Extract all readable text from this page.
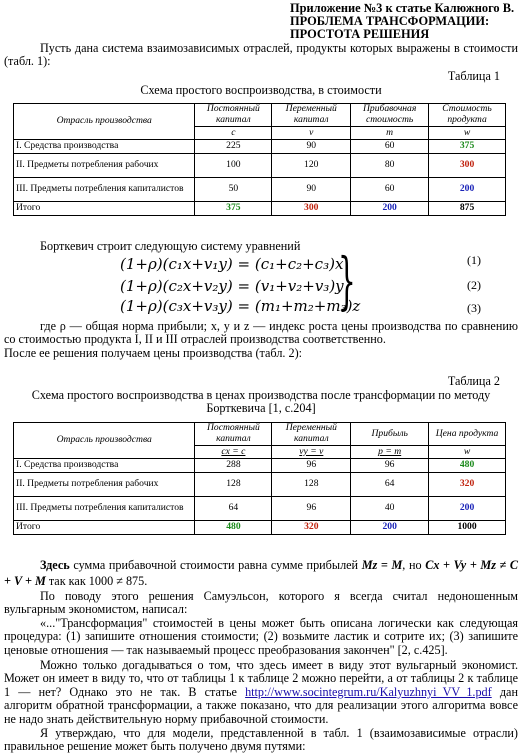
Приложение №3 к статье Калюжного В.
ПРОБЛЕМА ТРАНСФОРМАЦИИ:
ПРОСТОТА РЕШЕНИЯ
Пусть дана система взаимозависимых отраслей, продукты которых выражены в стоимости (табл. 1):
Таблица 1
Схема простого воспроизводства, в стоимости
Отрасль производства	Постоянный капитал	Переменный капитал	Прибавочная стоимость	Стоимость продукта
	c	v	m	w
I. Средства производства	225	90	60	375
II. Предметы потребления рабочих	100	120	80	300
III. Предметы потребления капиталистов	50	90	60	200
Итого	375	300	200	875
Борткевич строит следующую систему уравнений
(1+ρ)(c₁x+v₁y) = (c₁+c₂+c₃)x
(1+ρ)(c₂x+v₂y) = (v₁+v₂+v₃)y
(1+ρ)(c₃x+v₃y) = (m₁+m₂+m₃)z
}	(1)
(2)
(3)
где ρ — общая норма прибыли; x, y и z — индекс роста цены производства по сравнению со стоимостью продукта I, II и III отраслей производства соответственно.
После ее решения получаем цены производства (табл. 2):
Таблица 2
Схема простого воспроизводства в ценах производства после трансформации по методу
Борткевича [1, с.204]
Отрасль производства	Постоянный капитал	Переменный капитал	Прибыль	Цена продукта
	cx = c	vy = v	p = m	w
I. Средства производства	288	96	96	480
II. Предметы потребления рабочих	128	128	64	320
III. Предметы потребления капиталистов	64	96	40	200
Итого	480	320	200	1000
Здесь сумма прибавочной стоимости равна сумме прибылей Mz = M, но Cx + Vy + Mz ≠ C + V + M так как 1000 ≠ 875.
По поводу этого решения Самуэльсон, которого я всегда считал недоношенным вульгарным экономистом, написал:
«..."Трансформация" стоимостей в цены может быть описана логически как следующая процедура: (1) запишите отношения стоимости; (2) возьмите ластик и сотрите их; (3) запишите ценовые отношения — так называемый процесс преобразования закончен" [2, с.425].
Можно только догадываться о том, что здесь имеет в виду этот вульгарный экономист. Может он имеет в виду то, что от таблицы 1 к таблице 2 можно перейти, а от таблицы 2 к таблице 1 — нет? Однако это не так. В статье http://www.socintegrum.ru/Kalyuzhnyi_VV_1.pdf дан алгоритм обратной трансформации, а также показано, что для реализации этого алгоритма вовсе не надо знать действительную норму прибавочной стоимости.
Я утверждаю, что для модели, представленной в табл. 1 (взаимозависимые отрасли) правильное решение может быть получено двумя путями:
